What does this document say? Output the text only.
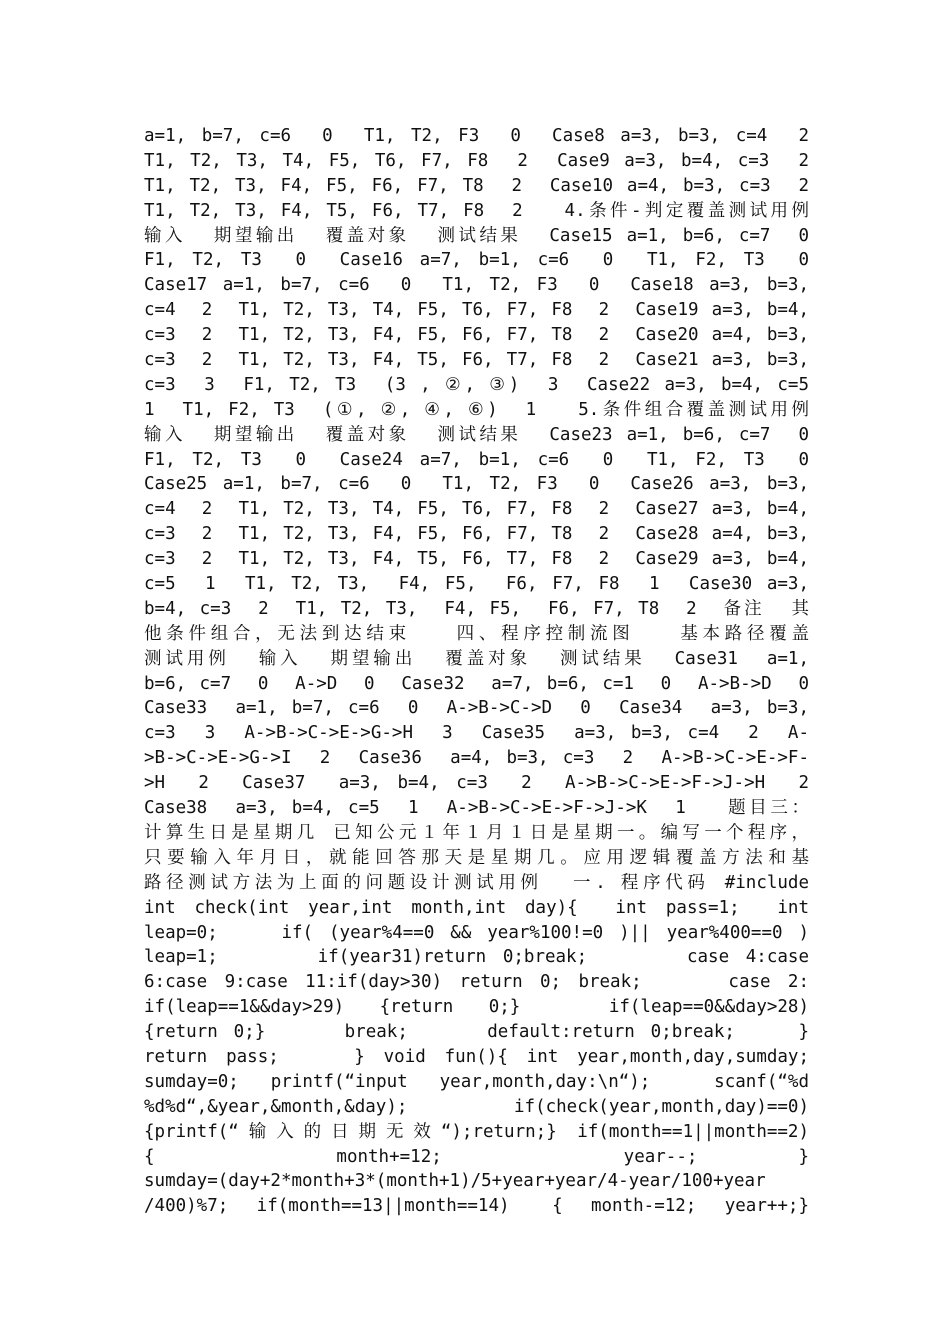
a=1, b=7, c=6  0  T1, T2, F3  0  Case8 a=3, b=3, c=4  2
T1, T2, T3, T4, F5, T6, F7, F8  2  Case9 a=3, b=4, c=3  2
T1, T2, T3, F4, F5, F6, F7, T8  2  Case10 a=4, b=3, c=3  2
T1, T2, T3, F4, T5, F6, T7, F8  2   4.条件-判定覆盖测试用例
输入  期望输出  覆盖对象  测试结果  Case15 a=1, b=6, c=7  0
F1, T2, T3  0  Case16 a=7, b=1, c=6  0  T1, F2, T3  0
Case17 a=1, b=7, c=6  0  T1, T2, F3  0  Case18 a=3, b=3,
c=4  2  T1, T2, T3, T4, F5, T6, F7, F8  2  Case19 a=3, b=4,
c=3  2  T1, T2, T3, F4, F5, F6, F7, T8  2  Case20 a=4, b=3,
c=3  2  T1, T2, T3, F4, T5, F6, T7, F8  2  Case21 a=3, b=3,
c=3  3  F1, T2, T3  (3 , ②, ③)  3  Case22 a=3, b=4, c=5
1  T1, F2, T3  (①, ②, ④, ⑥)  1   5.条件组合覆盖测试用例
输入  期望输出  覆盖对象  测试结果  Case23 a=1, b=6, c=7  0
F1, T2, T3  0  Case24 a=7, b=1, c=6  0  T1, F2, T3  0
Case25 a=1, b=7, c=6  0  T1, T2, F3  0  Case26 a=3, b=3,
c=4  2  T1, T2, T3, T4, F5, T6, F7, F8  2  Case27 a=3, b=4,
c=3  2  T1, T2, T3, F4, F5, F6, F7, T8  2  Case28 a=4, b=3,
c=3  2  T1, T2, T3, F4, T5, F6, T7, F8  2  Case29 a=3, b=4,
c=5  1  T1, T2, T3,  F4, F5,  F6, F7, F8  1  Case30 a=3,
b=4, c=3  2  T1, T2, T3,  F4, F5,  F6, F7, T8  2  备注  其
他条件组合，无法到达结束   四、程序控制流图   基本路径覆盖
测试用例  输入  期望输出  覆盖对象  测试结果  Case31  a=1,
b=6, c=7  0  A->D  0  Case32  a=7, b=6, c=1  0  A->B->D  0
Case33  a=1, b=7, c=6  0  A->B->C->D  0  Case34  a=3, b=3,
c=3  3  A->B->C->E->G->H  3  Case35  a=3, b=3, c=4  2  A-
>B->C->E->G->I  2  Case36  a=4, b=3, c=3  2  A->B->C->E->F-
>H  2  Case37  a=3, b=4, c=3  2  A->B->C->E->F->J->H  2
Case38  a=3, b=4, c=5  1  A->B->C->E->F->J->K  1   题目三：
计算生日是星期几 已知公元１年１月１日是星期一。编写一个程序，
只要输入年月日，就能回答那天是星期几。应用逻辑覆盖方法和基
路径测试方法为上面的问题设计测试用例  一. 程序代码 #include
int check(int year,int month,int day){  int pass=1;  int
leap=0;    if( (year%4==0 && year%100!=0 )|| year%400==0 )
leap=1;      if(year31)return 0;break;      case 4:case
6:case 9:case 11:if(day>30) return 0; break;     case 2:
if(leap==1&&day>29)  {return  0;}     if(leap==0&&day>28)
{return 0;}     break;     default:return 0;break;    }
return pass;    } void fun(){ int year,month,day,sumday;
sumday=0; printf(“input year,month,day:\n“);  scanf(“%d
%d%d“,&year,&month,&day);    if(check(year,month,day)==0)
{printf(“输入的日期无效“);return;} if(month==1||month==2)
{         month+=12;         year--;     }
sumday=(day+2*month+3*(month+1)/5+year+year/4-year/100+year
/400)%7;  if(month==13||month==14)   {  month-=12;  year++;}
